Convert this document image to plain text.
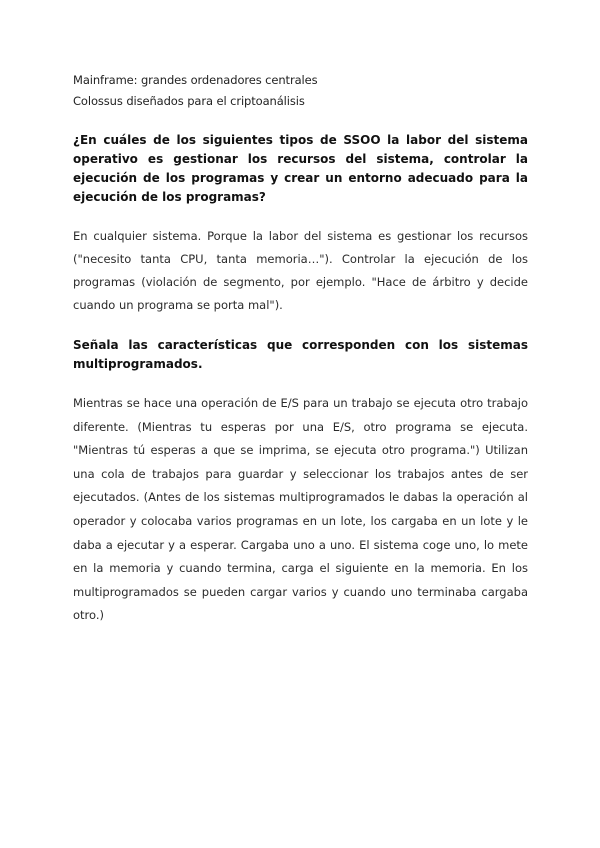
Mainframe: grandes ordenadores centrales

Colossus diseñados para el criptoanálisis

¿En cuáles de los siguientes tipos de SSOO la labor del sistema operativo es gestionar los recursos del sistema, controlar la ejecución de los programas y crear un entorno adecuado para la ejecución de los programas?

En cualquier sistema. Porque la labor del sistema es gestionar los recursos ("necesito tanta CPU, tanta memoria…"). Controlar la ejecución de los programas (violación de segmento, por ejemplo. "Hace de árbitro y decide cuando un programa se porta mal").

Señala las características que corresponden con los sistemas multiprogramados.

Mientras se hace una operación de E/S para un trabajo se ejecuta otro trabajo diferente. (Mientras tu esperas por una E/S, otro programa se ejecuta. "Mientras tú esperas a que se imprima, se ejecuta otro programa.") Utilizan una cola de trabajos para guardar y seleccionar los trabajos antes de ser ejecutados. (Antes de los sistemas multiprogramados le dabas la operación al operador y colocaba varios programas en un lote, los cargaba en un lote y le daba a ejecutar y a esperar. Cargaba uno a uno. El sistema coge uno, lo mete en la memoria y cuando termina, carga el siguiente en la memoria. En los multiprogramados se pueden cargar varios y cuando uno terminaba cargaba otro.)
